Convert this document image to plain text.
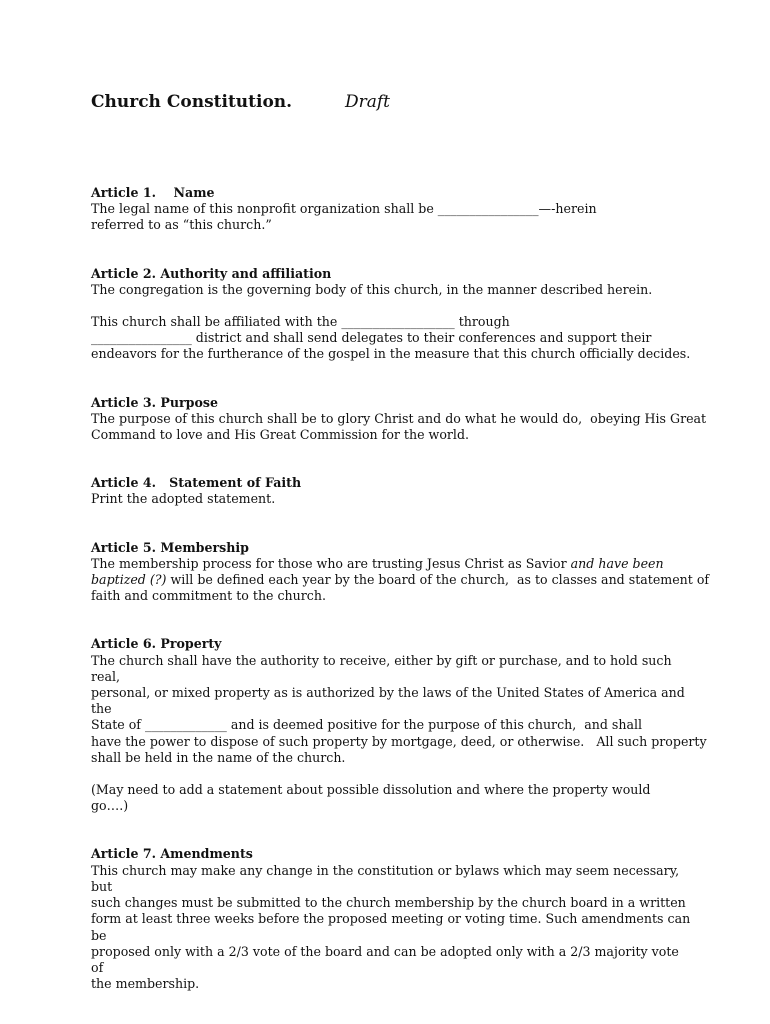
Church Constitution.	Draft

Article 1.    Name

The legal name of this nonprofit organization shall be ________________—-herein

referred to as “this church.”

Article 2. Authority and affiliation

The congregation is the governing body of this church, in the manner described herein.

This church shall be affiliated with the __________________ through

________________ district and shall send delegates to their conferences and support their

endeavors for the furtherance of the gospel in the measure that this church officially decides.

Article 3. Purpose

The purpose of this church shall be to glory Christ and do what he would do,  obeying His Great

Command to love and His Great Commission for the world.

Article 4.   Statement of Faith

Print the adopted statement.

Article 5. Membership

The membership process for those who are trusting Jesus Christ as Savior and have been

baptized (?) will be defined each year by the board of the church,  as to classes and statement of

faith and commitment to the church.

Article 6. Property

The church shall have the authority to receive, either by gift or purchase, and to hold such real,

personal, or mixed property as is authorized by the laws of the United States of America and the

State of _____________ and is deemed positive for the purpose of this church,  and shall

have the power to dispose of such property by mortgage, deed, or otherwise.   All such property

shall be held in the name of the church.

(May need to add a statement about possible dissolution and where the property would go….)

Article 7. Amendments

This church may make any change in the constitution or bylaws which may seem necessary, but

such changes must be submitted to the church membership by the church board in a written

form at least three weeks before the proposed meeting or voting time. Such amendments can be

proposed only with a 2/3 vote of the board and can be adopted only with a 2/3 majority vote of

the membership.
